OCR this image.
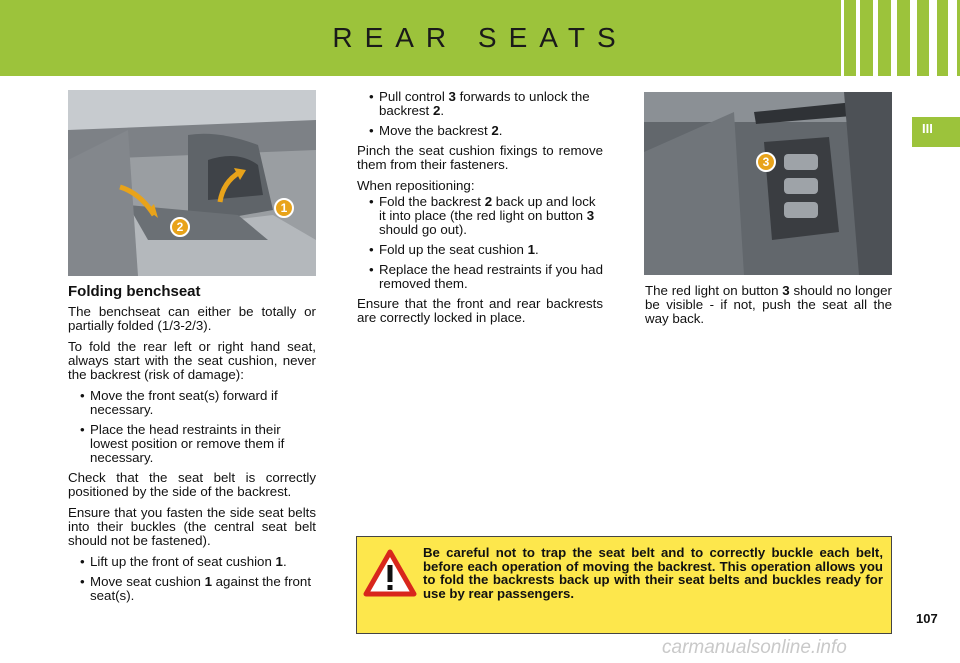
REAR SEATS
III
1
2
3
Folding benchseat

The benchseat can either be totally or partially folded (1/3-2/3).

To fold the rear left or right hand seat, always start with the seat cushion, never the backrest (risk of damage):

• Move the front seat(s) forward if necessary.
• Place the head restraints in their lowest position or remove them if necessary.

Check that the seat belt is correctly positioned by the side of the backrest.

Ensure that you fasten the side seat belts into their buckles (the central seat belt should not be fastened).

• Lift up the front of seat cushion 1.
• Move seat cushion 1 against the front seat(s).
• Pull control 3 forwards to unlock the backrest 2.
• Move the backrest 2.

Pinch the seat cushion fixings to remove them from their fasteners.

When repositioning:

• Fold the backrest 2 back up and lock it into place (the red light on button 3 should go out).
• Fold up the seat cushion 1.
• Replace the head restraints if you had removed them.

Ensure that the front and rear backrests are correctly locked in place.

The red light on button 3 should no longer be visible - if not, push the seat all the way back.

Be careful not to trap the seat belt and to correctly buckle each belt, before each operation of moving the backrest. This operation allows you to fold the backrests back up with their seat belts and buckles ready for use by rear passengers.
107
carmanualsonline.info
